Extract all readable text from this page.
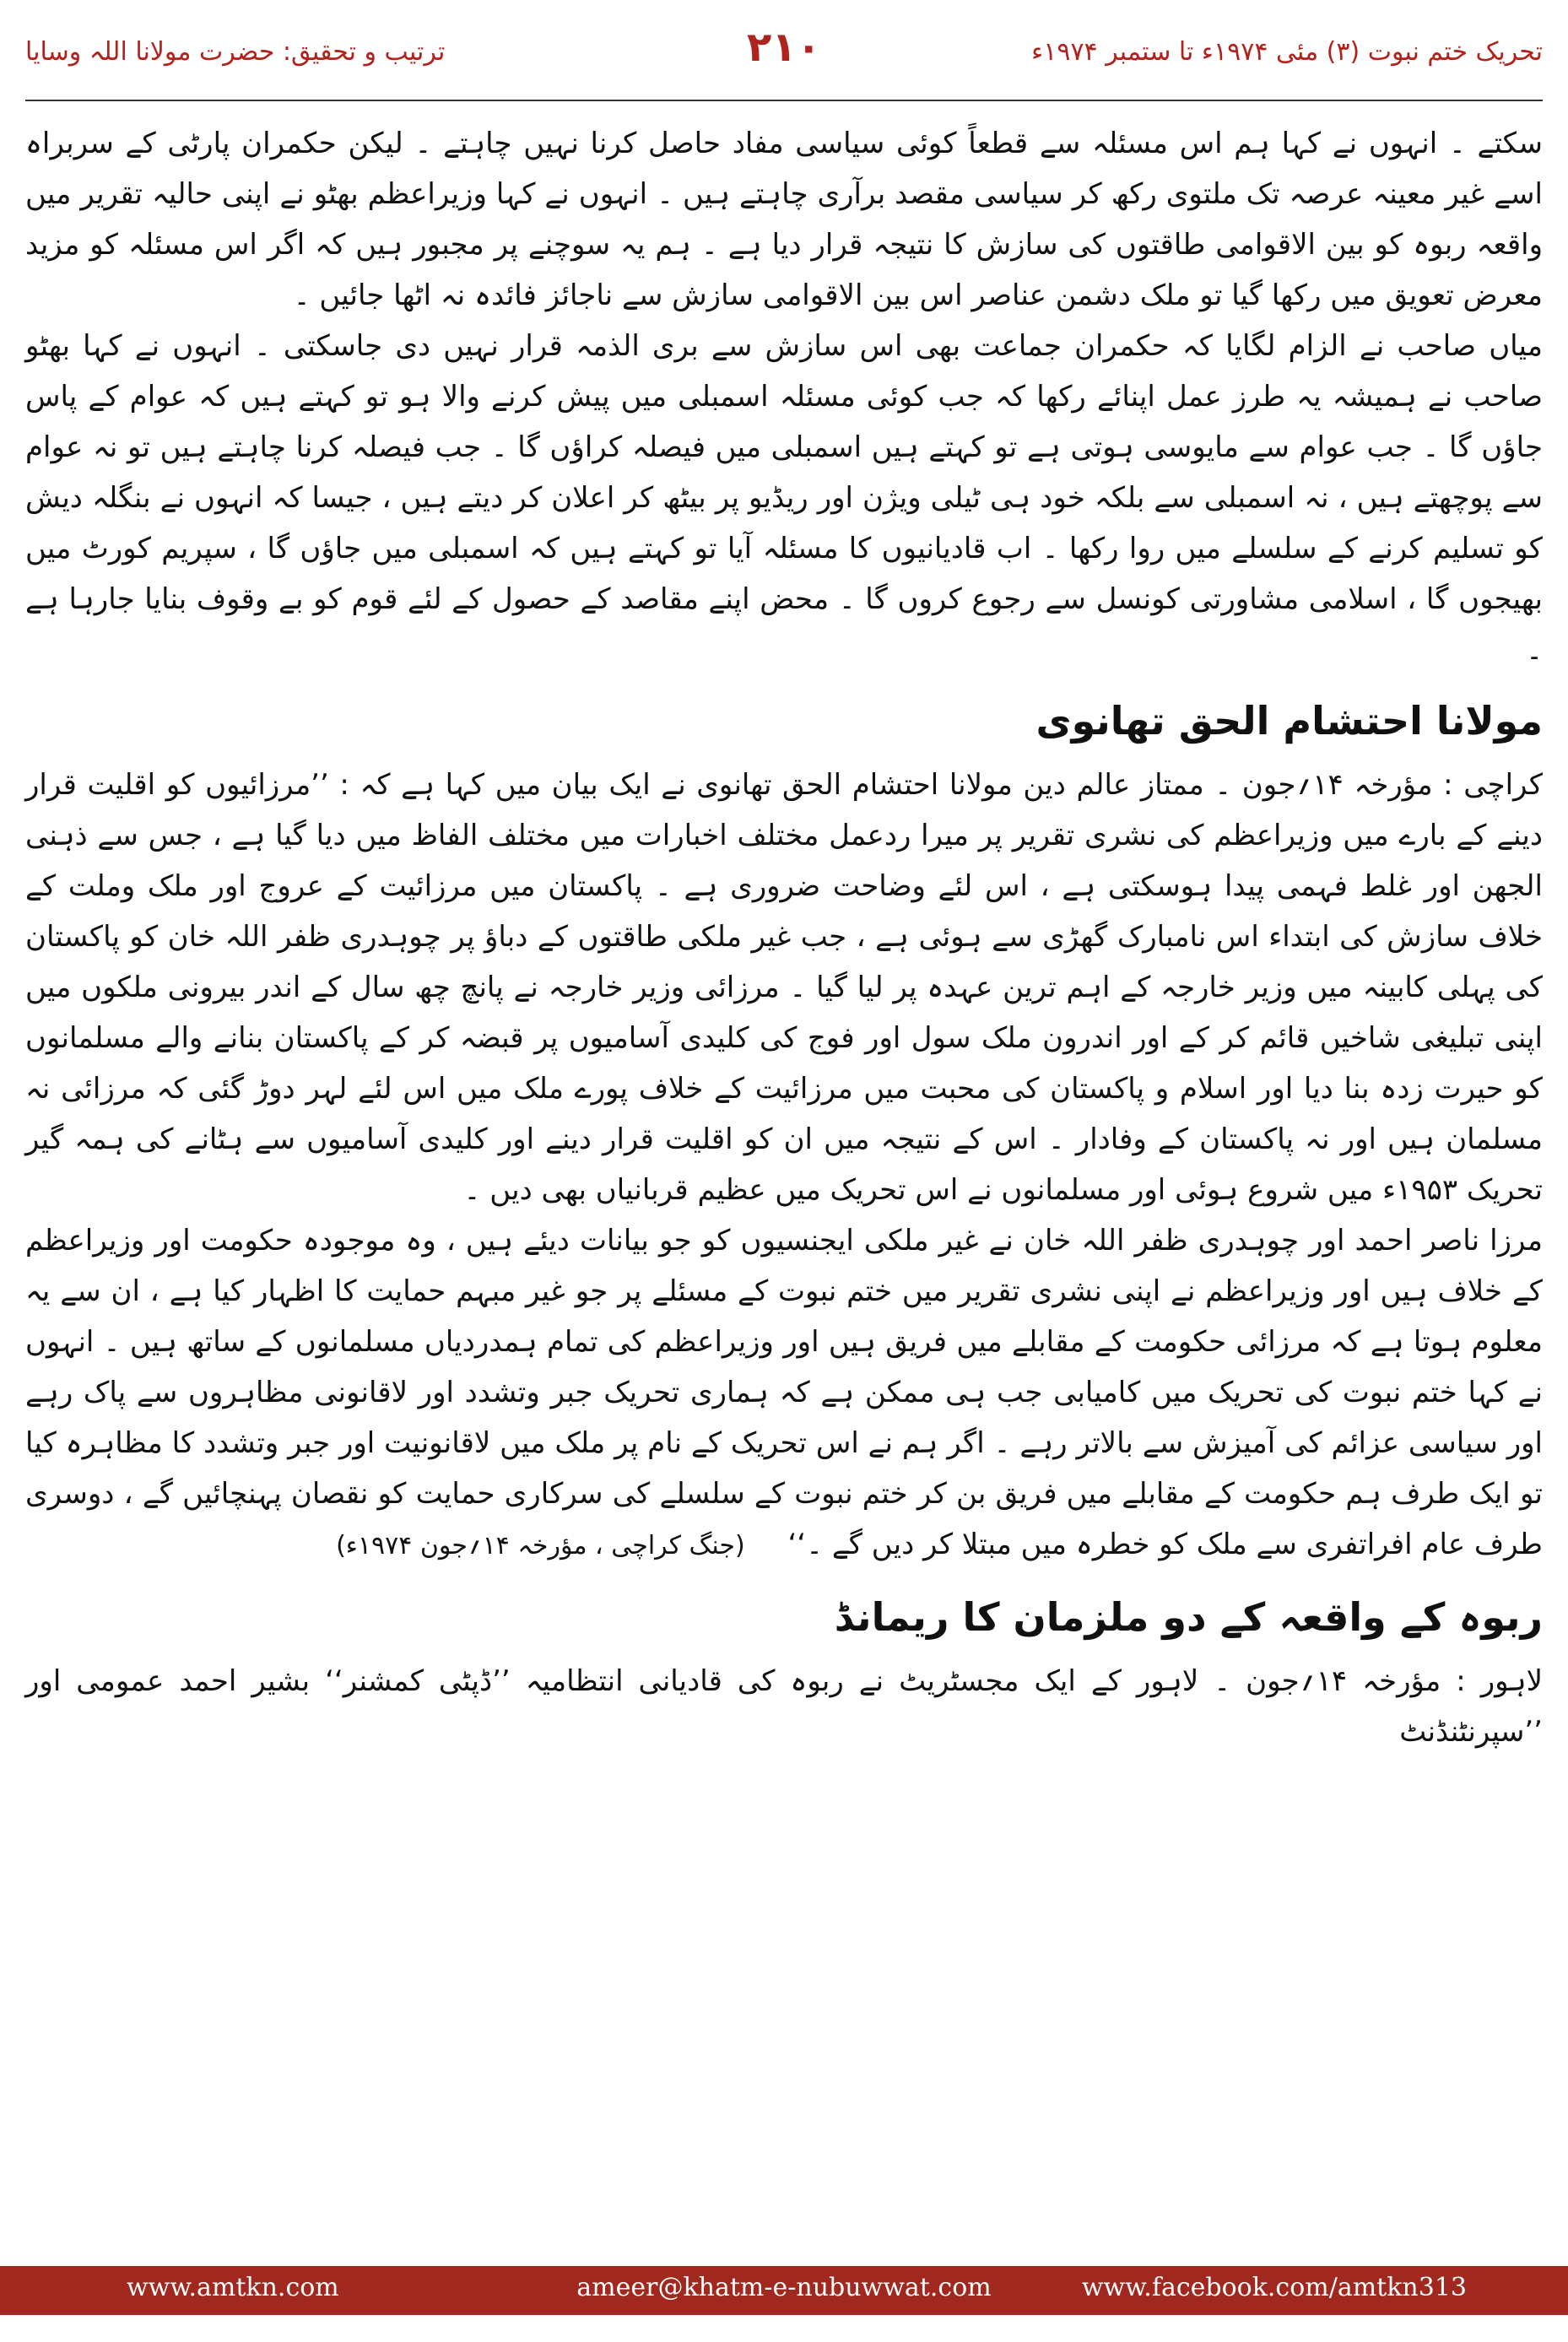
تحریک ختم نبوت (۳) مئی ۱۹۷۴ء تا ستمبر ۱۹۷۴ء
۲۱۰
ترتیب و تحقیق: حضرت مولانا اللہ وسایا

سکتے ۔ انہوں نے کہا ہم اس مسئلہ سے قطعاً کوئی سیاسی مفاد حاصل کرنا نہیں چاہتے ۔ لیکن حکمران پارٹی کے سربراہ اسے غیر معینہ عرصہ تک ملتوی رکھ کر سیاسی مقصد برآری چاہتے ہیں ۔ انہوں نے کہا وزیراعظم بھٹو نے اپنی حالیہ تقریر میں واقعہ ربوہ کو بین الاقوامی طاقتوں کی سازش کا نتیجہ قرار دیا ہے ۔ ہم یہ سوچنے پر مجبور ہیں کہ اگر اس مسئلہ کو مزید معرض تعویق میں رکھا گیا تو ملک دشمن عناصر اس بین الاقوامی سازش سے ناجائز فائدہ نہ اٹھا جائیں ۔

میاں صاحب نے الزام لگایا کہ حکمران جماعت بھی اس سازش سے بری الذمہ قرار نہیں دی جاسکتی ۔ انہوں نے کہا بھٹو صاحب نے ہمیشہ یہ طرز عمل اپنائے رکھا کہ جب کوئی مسئلہ اسمبلی میں پیش کرنے والا ہو تو کہتے ہیں کہ عوام کے پاس جاؤں گا ۔ جب عوام سے مایوسی ہوتی ہے تو کہتے ہیں اسمبلی میں فیصلہ کراؤں گا ۔ جب فیصلہ کرنا چاہتے ہیں تو نہ عوام سے پوچھتے ہیں ، نہ اسمبلی سے بلکہ خود ہی ٹیلی ویژن اور ریڈیو پر بیٹھ کر اعلان کر دیتے ہیں ، جیسا کہ انہوں نے بنگلہ دیش کو تسلیم کرنے کے سلسلے میں روا رکھا ۔ اب قادیانیوں کا مسئلہ آیا تو کہتے ہیں کہ اسمبلی میں جاؤں گا ، سپریم کورٹ میں بھیجوں گا ، اسلامی مشاورتی کونسل سے رجوع کروں گا ۔ محض اپنے مقاصد کے حصول کے لئے قوم کو بے وقوف بنایا جارہا ہے ۔

مولانا احتشام الحق تھانوی

کراچی : مؤرخہ ۱۴؍جون ۔ ممتاز عالم دین مولانا احتشام الحق تھانوی نے ایک بیان میں کہا ہے کہ : ’’مرزائیوں کو اقلیت قرار دینے کے بارے میں وزیراعظم کی نشری تقریر پر میرا ردعمل مختلف اخبارات میں مختلف الفاظ میں دیا گیا ہے ، جس سے ذہنی الجھن اور غلط فہمی پیدا ہوسکتی ہے ، اس لئے وضاحت ضروری ہے ۔ پاکستان میں مرزائیت کے عروج اور ملک وملت کے خلاف سازش کی ابتداء اس نامبارک گھڑی سے ہوئی ہے ، جب غیر ملکی طاقتوں کے دباؤ پر چوہدری ظفر اللہ خان کو پاکستان کی پہلی کابینہ میں وزیر خارجہ کے اہم ترین عہدہ پر لیا گیا ۔ مرزائی وزیر خارجہ نے پانچ چھ سال کے اندر بیرونی ملکوں میں اپنی تبلیغی شاخیں قائم کر کے اور اندرون ملک سول اور فوج کی کلیدی آسامیوں پر قبضہ کر کے پاکستان بنانے والے مسلمانوں کو حیرت زدہ بنا دیا اور اسلام و پاکستان کی محبت میں مرزائیت کے خلاف پورے ملک میں اس لئے لہر دوڑ گئی کہ مرزائی نہ مسلمان ہیں اور نہ پاکستان کے وفادار ۔ اس کے نتیجہ میں ان کو اقلیت قرار دینے اور کلیدی آسامیوں سے ہٹانے کی ہمہ گیر تحریک ۱۹۵۳ء میں شروع ہوئی اور مسلمانوں نے اس تحریک میں عظیم قربانیاں بھی دیں ۔

مرزا ناصر احمد اور چوہدری ظفر اللہ خان نے غیر ملکی ایجنسیوں کو جو بیانات دیئے ہیں ، وہ موجودہ حکومت اور وزیراعظم کے خلاف ہیں اور وزیراعظم نے اپنی نشری تقریر میں ختم نبوت کے مسئلے پر جو غیر مبہم حمایت کا اظہار کیا ہے ، ان سے یہ معلوم ہوتا ہے کہ مرزائی حکومت کے مقابلے میں فریق ہیں اور وزیراعظم کی تمام ہمدردیاں مسلمانوں کے ساتھ ہیں ۔ انہوں نے کہا ختم نبوت کی تحریک میں کامیابی جب ہی ممکن ہے کہ ہماری تحریک جبر وتشدد اور لاقانونی مظاہروں سے پاک رہے اور سیاسی عزائم کی آمیزش سے بالاتر رہے ۔ اگر ہم نے اس تحریک کے نام پر ملک میں لاقانونیت اور جبر وتشدد کا مظاہرہ کیا تو ایک طرف ہم حکومت کے مقابلے میں فریق بن کر ختم نبوت کے سلسلے کی سرکاری حمایت کو نقصان پہنچائیں گے ، دوسری طرف عام افراتفری سے ملک کو خطرہ میں مبتلا کر دیں گے ۔‘‘ (جنگ کراچی ، مؤرخہ ۱۴؍جون ۱۹۷۴ء)

ربوہ کے واقعہ کے دو ملزمان کا ریمانڈ

لاہور : مؤرخہ ۱۴؍جون ۔ لاہور کے ایک مجسٹریٹ نے ربوہ کی قادیانی انتظامیہ ’’ڈپٹی کمشنر‘‘ بشیر احمد عمومی اور ’’سپرنٹنڈنٹ

www.amtkn.com	ameer@khatm-e-nubuwwat.com	www.facebook.com/amtkn313
